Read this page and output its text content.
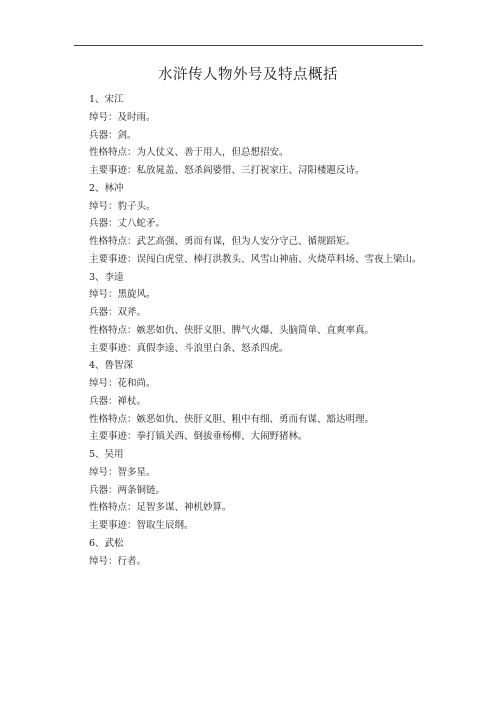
水浒传人物外号及特点概括
1、宋江
绰号：及时雨。
兵器：剑。
性格特点：为人仗义、善于用人，但总想招安。
主要事迹：私放晁盖、怒杀阎婆惜、三打祝家庄、浔阳楼题反诗。
2、林冲
绰号：豹子头。
兵器：丈八蛇矛。
性格特点：武艺高强、勇而有谋，但为人安分守己、循规蹈矩。
主要事迹：误闯白虎堂、棒打洪教头、风雪山神庙、火烧草料场、雪夜上梁山。
3、李逵
绰号：黑旋风。
兵器：双斧。
性格特点：嫉恶如仇、侠肝义胆、脾气火爆、头脑简单、直爽率真。
主要事迹：真假李逵、斗浪里白条、怒杀四虎。
4、鲁智深
绰号：花和尚。
兵器：禅杖。
性格特点：嫉恶如仇、侠肝义胆、粗中有细、勇而有谋、豁达明理。
主要事迹：拳打镇关西、倒拔垂杨柳、大闹野猪林。
5、吴用
绰号：智多星。
兵器：两条铜链。
性格特点：足智多谋、神机妙算。
主要事迹：智取生辰纲。
6、武松
绰号：行者。
